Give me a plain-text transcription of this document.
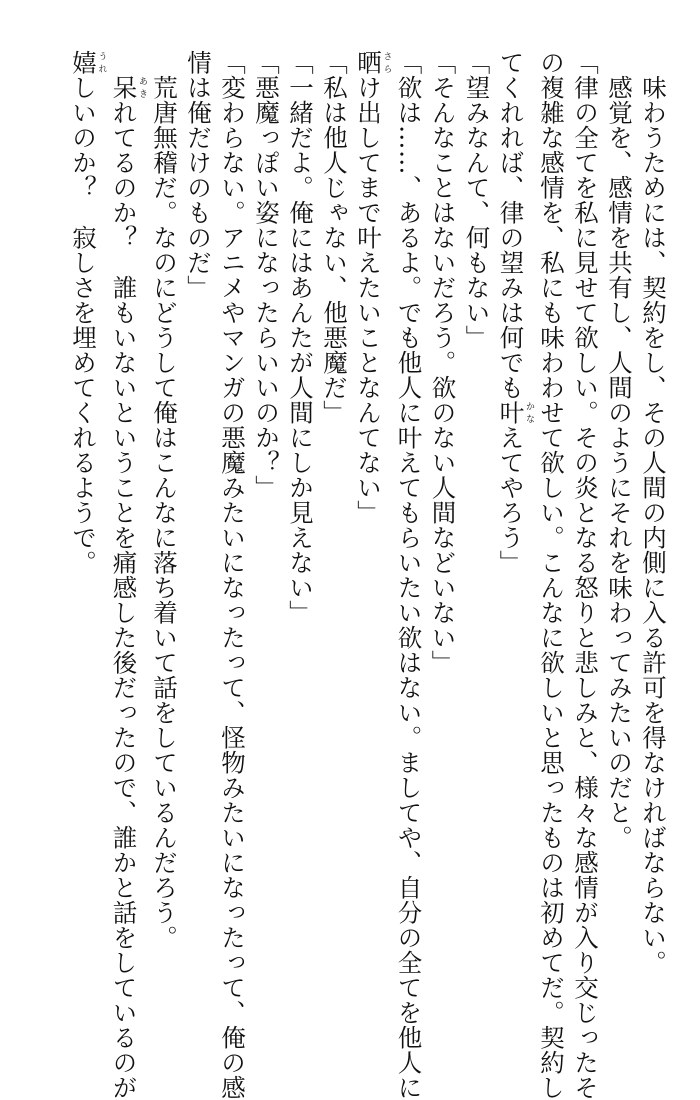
　味わうためには、契約をし、その人間の内側に入る許可を得なければならない。
　感覚を、感情を共有し、人間のようにそれを味わってみたいのだと。
「律の全てを私に見せて欲しい。その炎となる怒りと悲しみと、様々な感情が入り交じったそ
の複雑な感情を、私にも味わわせて欲しい。こんなに欲しいと思ったものは初めてだ。契約し
てくれれば、律の望みは何でも叶かなえてやろう」
「望みなんて、何もない」
「そんなことはないだろう。欲のない人間などいない」
「欲は……、あるよ。でも他人に叶えてもらいたい欲はない。ましてや、自分の全てを他人に
晒さらけ出してまで叶えたいことなんてない」
「私は他人じゃない、他悪魔だ」
「一緒だよ。俺にはあんたが人間にしか見えない」
「悪魔っぽい姿になったらいいのか？」
「変わらない。アニメやマンガの悪魔みたいになったって、怪物みたいになったって、俺の感
情は俺だけのものだ」
　荒唐無稽だ。なのにどうして俺はこんなに落ち着いて話をしているんだろう。
　呆あきれてるのか？　誰もいないということを痛感した後だったので、誰かと話をしているのが
嬉うれしいのか？　寂しさを埋めてくれるようで。
